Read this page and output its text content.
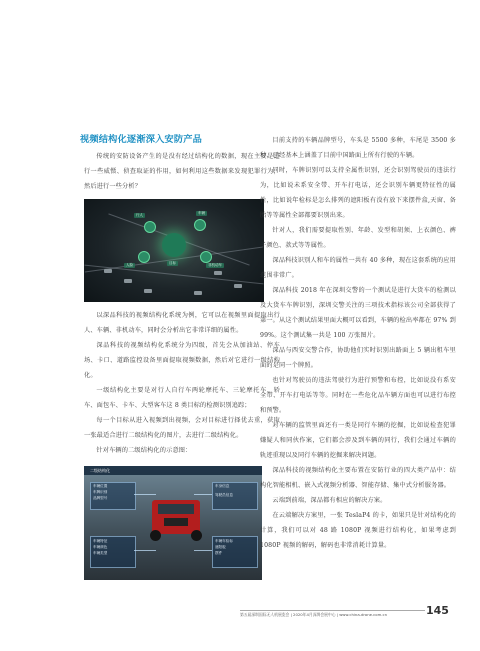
视频结构化逐渐深入安防产品

传统的安防设备产生的是没有经过结构化的数据，现在主要是进行一些威慑、侦查取证的作用，如何利用这些数据来发现犯罪行为，然后进行一些分析？

行人	车辆
人脸	非机动车
目标

以深品科技的视频结构化系统为例，它可以在视频里面提取出行人、车辆、非机动车，同时会分析出它非常详细的属性。

深品科技的视频结构化系统分为四级，首先会从加油站、停车场、卡口、道路监控设备里面提取视频数据，然后对它进行一级结构化。

一级结构化主要是对行人自行车两轮摩托车、三轮摩托车、轿车、面包车、卡车、大型客车这 8 类目标的检测识别追踪；

每一个目标从进入视频到出视频，会对目标进行择优去重，获取一张最适合进行二级结构化的图片，去进行二级结构化。

针对车辆的二级结构化的示意图：

二级结构化
车辆位置
车牌识别
品牌型号
车辆特征
车辆颜色
车辆类型
车身信息
驾驶员信息
车辆年检标
遮阳板
摆件

目前支持的车辆品牌型号，车头是 5500 多种，车尾是 3500 多种，已经基本上涵盖了目前中国路面上所有行驶的车辆。

同时，车牌识别可以支持全属性识别，还会识别驾驶员的违法行为，比如说未系安全带、开车打电话，还会识别车辆更特征性的属性，比如说年检标是怎么排列的遮阳板有没有放下来摆件盒,天窗、备胎等等属性全部都要识别出来。

针对人，我们需要提取性别、年龄、发型和胡须、上衣颜色、裤子颜色、款式等等属性。

深品科技识别人和车的属性一共有 40 多种，现在这套系统的应用范围非常广。

深品科技 2018 年在深圳交警的一个测试是进行大货车的检测以及大货车车牌识别，深圳交警关注的三项技术指标该公司全部获得了第一。从这个测试结果里面大概可以看到，车辆的检出率都在 97% 到 99%。这个测试集一共是 100 万张图片。

深品与西安交警合作，协助他们实时识别出路面上 5 辆出租车里面的是同一个牌照。

也针对驾驶员的违法驾驶行为进行预警和布控，比如说没有系安全带、开车打电话等等。同时在一些危化品车辆方面也可以进行布控和预警。

对车辆的监管里面还有一类是同行车辆的挖掘，比如说检查犯罪嫌疑人和同伙作案，它们都会涉及到车辆的同行，我们会通过车辆的轨迹重现以及同行车辆的挖掘来解决问题。

深品科技的视频结构化主要布置在安防行业的四大类产品中：结构化智能相机、嵌入式视频分析器、智能存储、集中式分析服务器。

云端到前端，深品都有相应的解决方案。

在云端解决方案里，一张 TeslaP4 的卡，如果只是针对结构化的计算，我们可以对 48 路 1080P 视频进行结构化，如果考虑到 1080P 视频的解码，解码也非常消耗计算量。

第五届深圳国际无人机展览会 | 2020年4月深圳会展中心 | www.china-drone.com.cn	145
